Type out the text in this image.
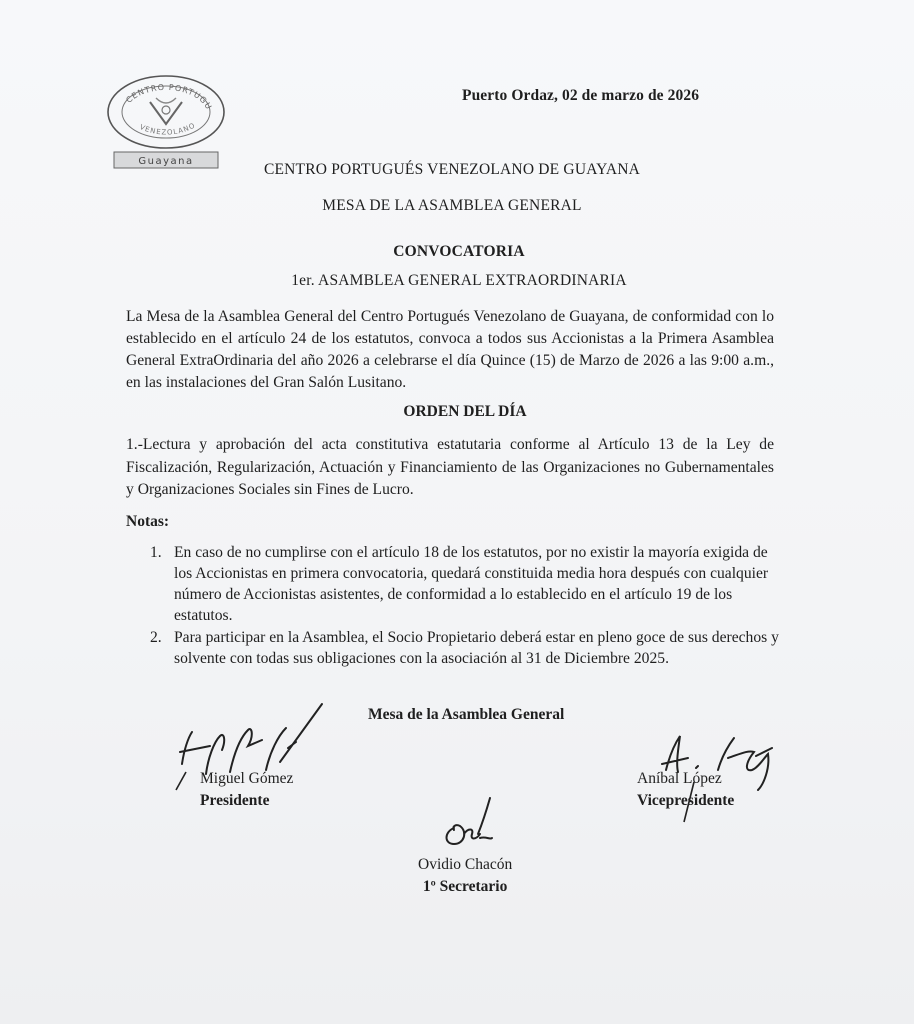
CENTRO PORTUGU
VENEZOLANO
Guayana
Puerto Ordaz, 02 de marzo de 2026
CENTRO PORTUGUÉS VENEZOLANO DE GUAYANA
MESA DE LA ASAMBLEA GENERAL
CONVOCATORIA
1er. ASAMBLEA GENERAL EXTRAORDINARIA
La Mesa de la Asamblea General del Centro Portugués Venezolano de Guayana, de conformidad con lo establecido en el artículo 24 de los estatutos, convoca a todos sus Accionistas a la Primera Asamblea General ExtraOrdinaria del año 2026 a celebrarse el día Quince (15) de Marzo de 2026 a las 9:00 a.m., en las instalaciones del Gran Salón Lusitano.
ORDEN DEL DÍA
1.-Lectura y aprobación del acta constitutiva estatutaria conforme al Artículo 13 de la Ley de Fiscalización, Regularización, Actuación y Financiamiento de las Organizaciones no Gubernamentales y Organizaciones Sociales sin Fines de Lucro.
Notas:
1. En caso de no cumplirse con el artículo 18 de los estatutos, por no existir la mayoría exigida de los Accionistas en primera convocatoria, quedará constituida media hora después con cualquier número de Accionistas asistentes, de conformidad a lo establecido en el artículo 19 de los estatutos.
2. Para participar en la Asamblea, el Socio Propietario deberá estar en pleno goce de sus derechos y solvente con todas sus obligaciones con la asociación al 31 de Diciembre 2025.
Mesa de la Asamblea General
Miguel Gómez
Presidente
Aníbal López
Vicepresidente
Ovidio Chacón
1º Secretario
